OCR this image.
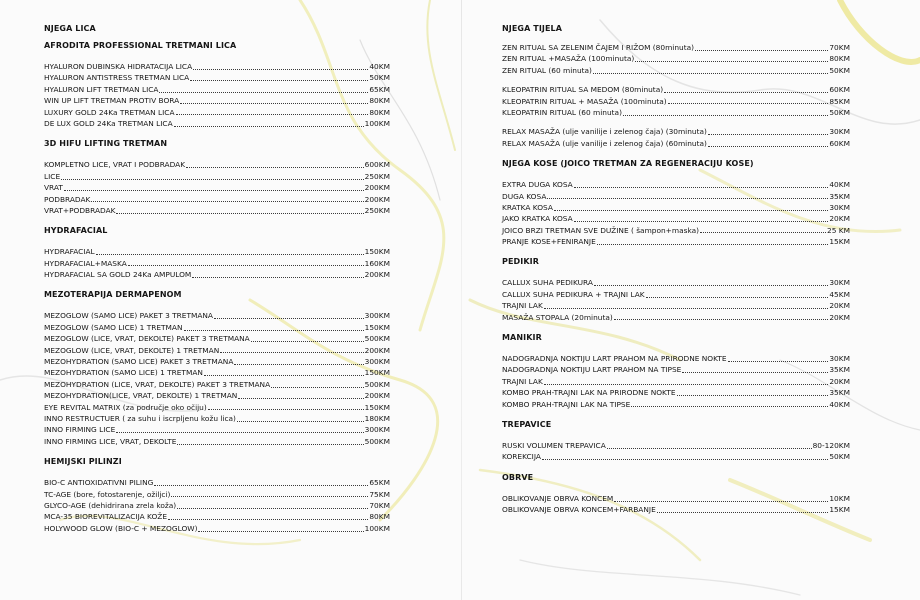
NJEGA LICA
AFRODITA PROFESSIONAL TRETMANI LICA
HYALURON DUBINSKA HIDRATACIJA LICA	40KM
HYALURON ANTISTRESS TRETMAN LICA	50KM
HYALURON LIFT TRETMAN LICA	65KM
WIN UP LIFT TRETMAN PROTIV BORA	80KM
LUXURY GOLD 24Ka TRETMAN LICA	80KM
DE LUX GOLD 24Ka TRETMAN LICA	100KM
3D HIFU LIFTING TRETMAN
KOMPLETNO LICE, VRAT I PODBRADAK	600KM
LICE	250KM
VRAT	200KM
PODBRADAK	200KM
VRAT+PODBRADAK	250KM
HYDRAFACIAL
HYDRAFACIAL	150KM
HYDRAFACIAL+MASKA	160KM
HYDRAFACIAL SA GOLD 24Ka AMPULOM	200KM
MEZOTERAPIJA DERMAPENOM
MEZOGLOW (SAMO LICE) PAKET 3 TRETMANA	300KM
MEZOGLOW (SAMO LICE) 1 TRETMAN	150KM
MEZOGLOW (LICE, VRAT, DEKOLTE) PAKET 3 TRETMANA	500KM
MEZOGLOW (LICE, VRAT, DEKOLTE) 1 TRETMAN	200KM
MEZOHYDRATION (SAMO LICE) PAKET 3 TRETMANA	300KM
MEZOHYDRATION (SAMO LICE) 1 TRETMAN	150KM
MEZOHYDRATION (LICE, VRAT, DEKOLTE) PAKET 3 TRETMANA	500KM
MEZOHYDRATION(LICE, VRAT, DEKOLTE) 1 TRETMAN	200KM
EYE REVITAL MATRIX (za područje oko očiju)	150KM
INNO RESTRUCTUER ( za suhu i iscrpljenu kožu lica)	180KM
INNO FIRMING LICE	300KM
INNO FIRMING LICE, VRAT, DEKOLTE	500KM
HEMIJSKI PILINZI
BIO-C ANTIOXIDATIVNI PILING	65KM
TC-AGE (bore, fotostarenje, ožiljci)	75KM
GLYCO-AGE (dehidrirana zrela koža)	70KM
MCA-35 BIOREVITALIZACIJA KOŽE	80KM
HOLYWOOD GLOW (BIO-C + MEZOGLOW)	100KM
NJEGA TIJELA
ZEN RITUAL SA ZELENIM ČAJEM I RIŽOM (80minuta)	70KM
ZEN RITUAL +MASAŽA (100minuta)	80KM
ZEN RITUAL (60 minuta)	50KM
KLEOPATRIN RITUAL SA MEDOM (80minuta)	60KM
KLEOPATRIN RITUAL + MASAŽA (100minuta)	85KM
KLEOPATRIN RITUAL (60 minuta)	50KM
RELAX MASAŽA (ulje vanilije i zelenog čaja) (30minuta)	30KM
RELAX MASAŽA (ulje vanilije i zelenog čaja) (60minuta)	60KM
NJEGA KOSE (JOICO TRETMAN ZA REGENERACIJU KOSE)
EXTRA DUGA KOSA	40KM
DUGA KOSA	35KM
KRATKA KOSA	30KM
JAKO KRATKA KOSA	20KM
JOICO BRZI TRETMAN SVE DUŽINE ( šampon+maska)	25 KM
PRANJE KOSE+FENIRANJE	15KM
PEDIKIR
CALLUX SUHA PEDIKURA	30KM
CALLUX SUHA PEDIKURA + TRAJNI LAK	45KM
TRAJNI LAK	20KM
MASAŽA STOPALA (20minuta)	20KM
MANIKIR
NADOGRADNJA NOKTIJU LART PRAHOM NA PRIRODNE NOKTE	30KM
NADOGRADNJA NOKTIJU LART PRAHOM NA TIPSE	35KM
TRAJNI LAK	20KM
KOMBO PRAH-TRAJNI LAK NA PRIRODNE NOKTE	35KM
KOMBO PRAH-TRAJNI LAK NA TIPSE	40KM
TREPAVICE
RUSKI VOLUMEN TREPAVICA	80-120KM
KOREKCIJA	50KM
OBRVE
OBLIKOVANJE OBRVA KONCEM	10KM
OBLIKOVANJE OBRVA KONCEM+FARBANJE	15KM
